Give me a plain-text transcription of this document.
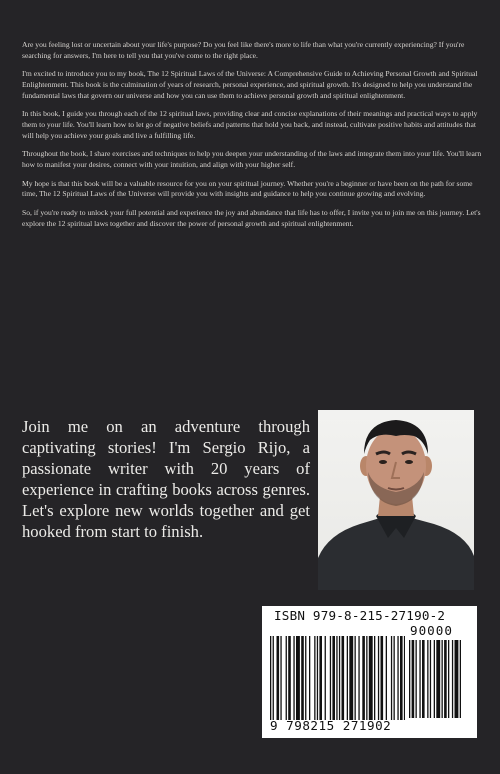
Are you feeling lost or uncertain about your life's purpose? Do you feel like there's more to life than what you're currently experiencing? If you're searching for answers, I'm here to tell you that you've come to the right place.

I'm excited to introduce you to my book, The 12 Spiritual Laws of the Universe: A Comprehensive Guide to Achieving Personal Growth and Spiritual Enlightenment. This book is the culmination of years of research, personal experience, and spiritual growth. It's designed to help you understand the fundamental laws that govern our universe and how you can use them to achieve personal growth and spiritual enlightenment.

In this book, I guide you through each of the 12 spiritual laws, providing clear and concise explanations of their meanings and practical ways to apply them to your life. You'll learn how to let go of negative beliefs and patterns that hold you back, and instead, cultivate positive habits and attitudes that will help you achieve your goals and live a fulfilling life.

Throughout the book, I share exercises and techniques to help you deepen your understanding of the laws and integrate them into your life. You'll learn how to manifest your desires, connect with your intuition, and align with your higher self.

My hope is that this book will be a valuable resource for you on your spiritual journey. Whether you're a beginner or have been on the path for some time, The 12 Spiritual Laws of the Universe will provide you with insights and guidance to help you continue growing and evolving.

So, if you're ready to unlock your full potential and experience the joy and abundance that life has to offer, I invite you to join me on this journey. Let's explore the 12 spiritual laws together and discover the power of personal growth and spiritual enlightenment.

Join me on an adventure through captivating stories! I'm Sergio Rijo, a passionate writer with 20 years of experience in crafting books across genres. Let's explore new worlds together and get hooked from start to finish.

ISBN 979-8-215-27190-2
90000
9 798215 271902
